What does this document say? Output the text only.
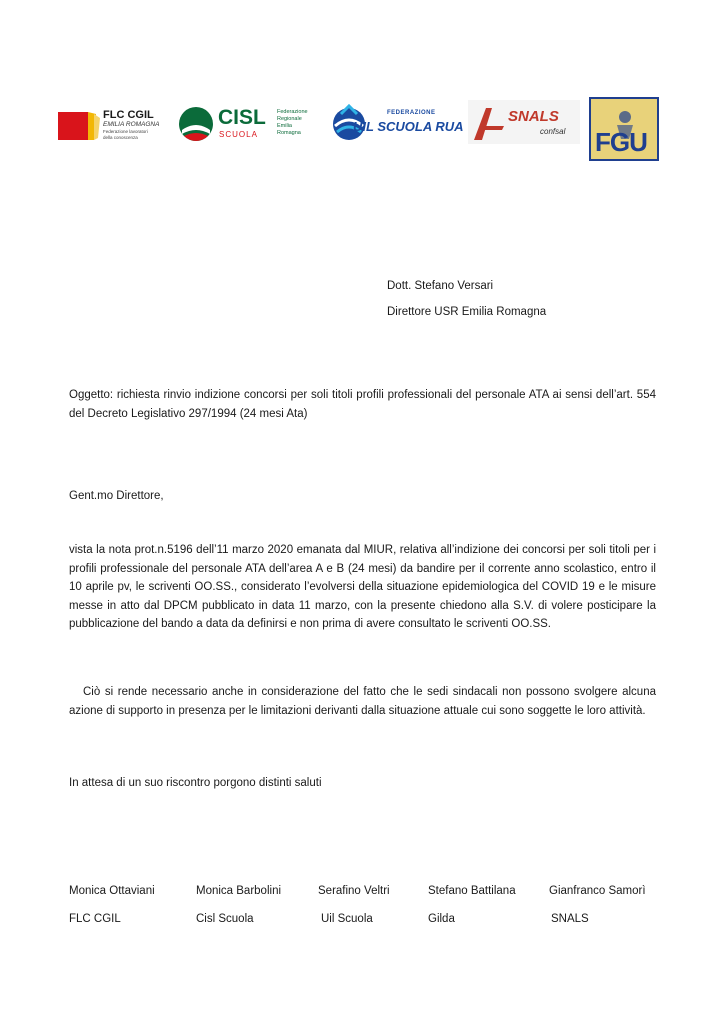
FLC CGIL
EMILIA ROMAGNA
Federazione lavoratori
della conoscenza
CISL
SCUOLA
Federazione
Regionale
Emilia
Romagna
FEDERAZIONE
UIL SCUOLA RUA
SNALS
confsal FGU
Dott. Stefano Versari
Direttore USR Emilia Romagna

Oggetto: richiesta rinvio indizione concorsi per soli titoli profili professionali del personale ATA ai sensi dell’art. 554 del Decreto Legislativo 297/1994 (24 mesi Ata)

Gent.mo Direttore,

vista la nota prot.n.5196 dell’11 marzo 2020 emanata dal MIUR, relativa all’indizione dei concorsi per soli titoli per i profili professionale del personale ATA dell’area A e B (24 mesi) da bandire per il corrente anno scolastico, entro il 10 aprile pv, le scriventi OO.SS., considerato l’evolversi della situazione epidemiologica del COVID 19 e le misure messe in atto dal DPCM pubblicato in data 11 marzo, con la presente chiedono alla S.V. di volere posticipare la pubblicazione del bando a data da definirsi e non prima di avere consultato le scriventi OO.SS.

Ciò si rende necessario anche in considerazione del fatto che le sedi sindacali non possono svolgere alcuna azione di supporto in presenza per le limitazioni derivanti dalla situazione attuale cui sono soggette le loro attività.

In attesa di un suo riscontro porgono distinti saluti
Monica Ottaviani	Monica Barbolini	Serafino Veltri	Stefano Battilana	Gianfranco Samorì
FLC CGIL	Cisl Scuola	Uil Scuola	Gilda	SNALS
